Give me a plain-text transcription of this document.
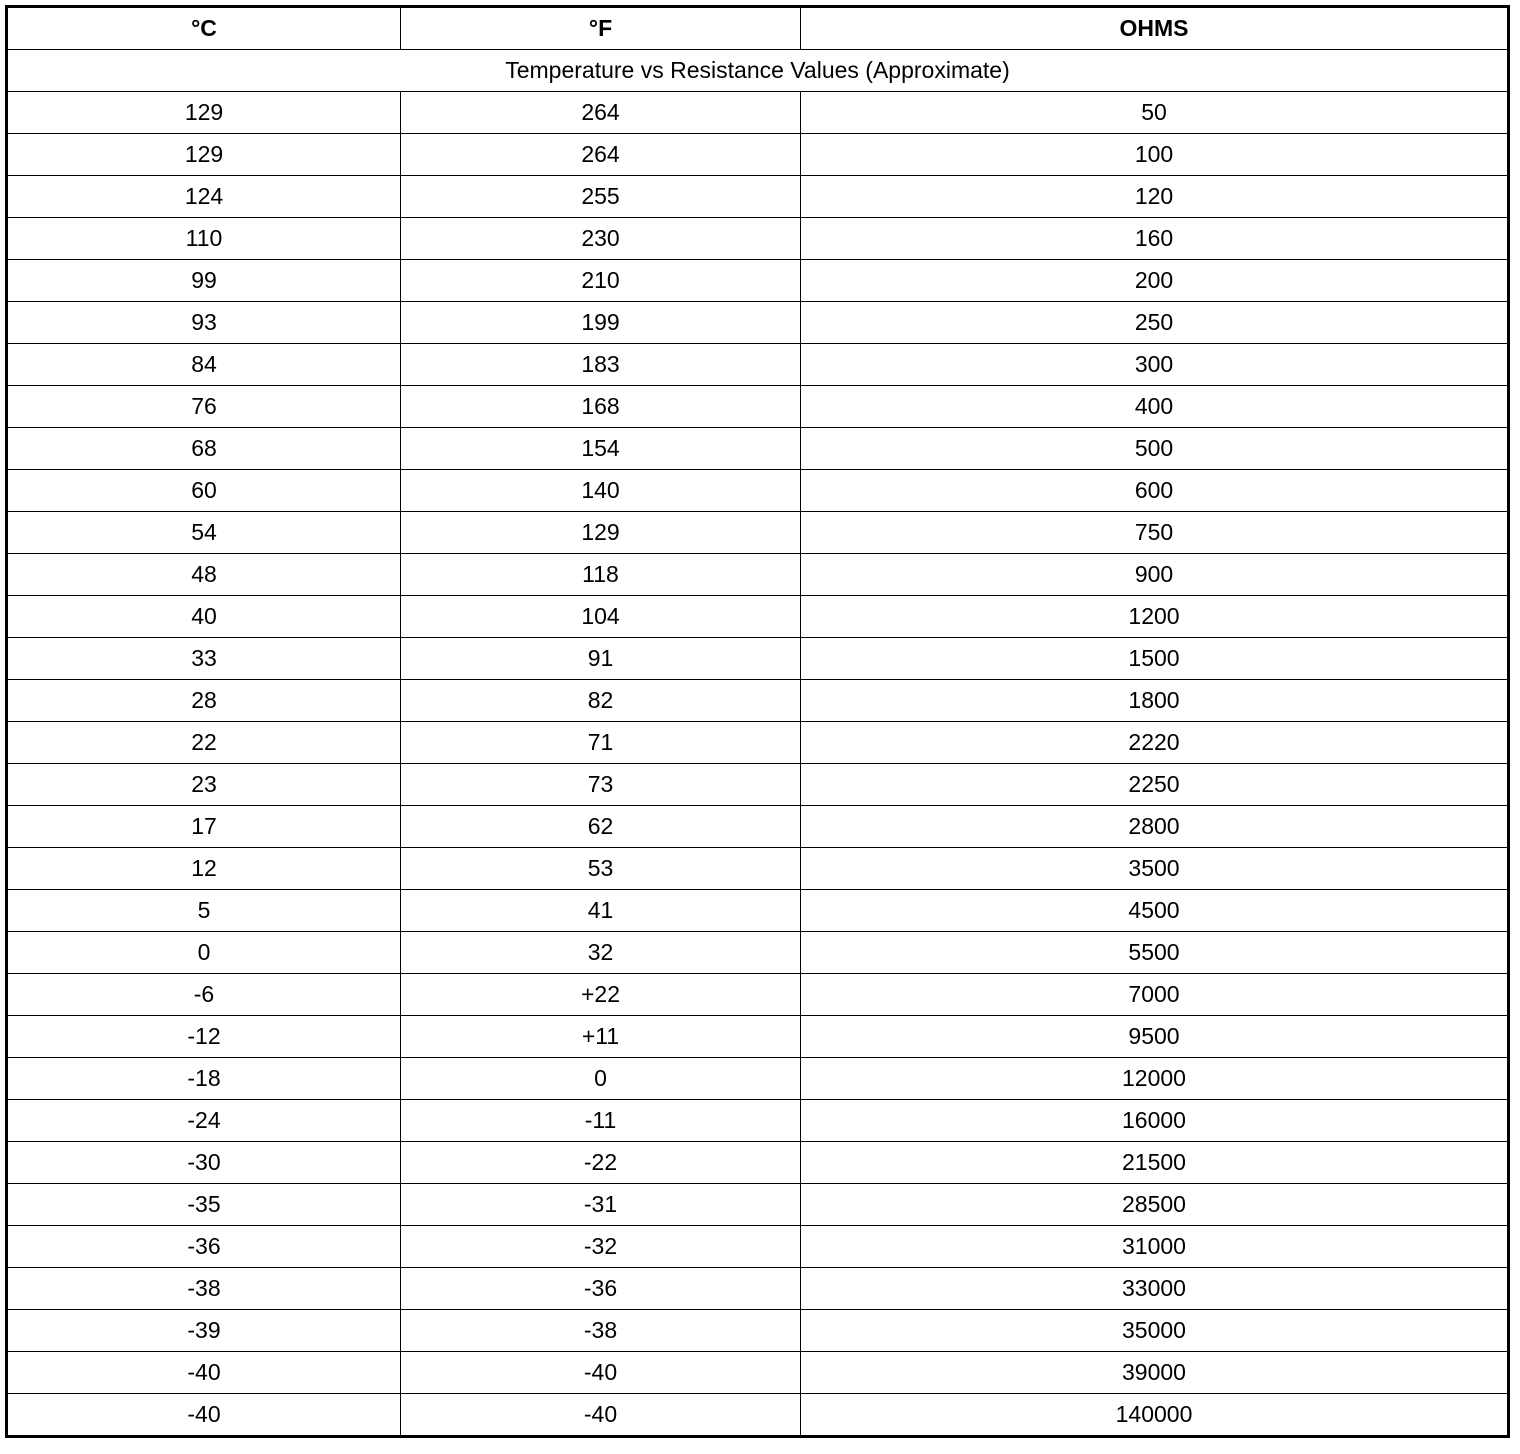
°C	°F	OHMS
Temperature vs Resistance Values (Approximate)		
129	264	50
129	264	100
124	255	120
110	230	160
99	210	200
93	199	250
84	183	300
76	168	400
68	154	500
60	140	600
54	129	750
48	118	900
40	104	1200
33	91	1500
28	82	1800
22	71	2220
23	73	2250
17	62	2800
12	53	3500
5	41	4500
0	32	5500
-6	+22	7000
-12	+11	9500
-18	0	12000
-24	-11	16000
-30	-22	21500
-35	-31	28500
-36	-32	31000
-38	-36	33000
-39	-38	35000
-40	-40	39000
-40	-40	140000
